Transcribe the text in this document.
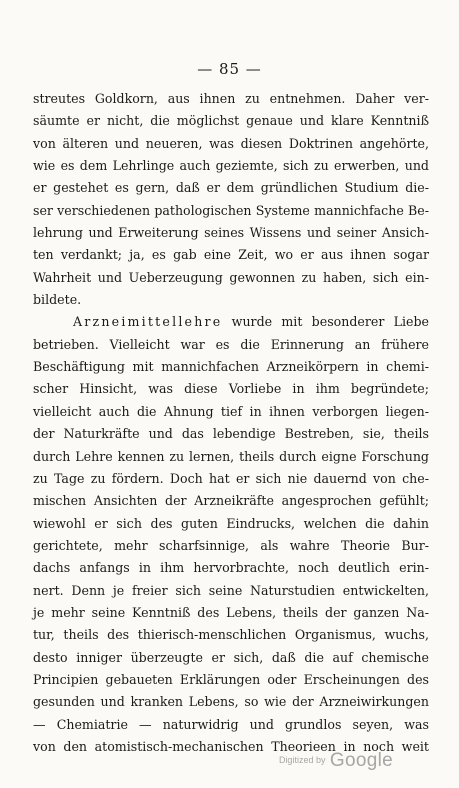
— 85 —
streutes Goldkorn, aus ihnen zu entnehmen. Daher ver-
säumte er nicht, die möglichst genaue und klare Kenntniß
von älteren und neueren, was diesen Doktrinen angehörte,
wie es dem Lehrlinge auch geziemte, sich zu erwerben, und
er gestehet es gern, daß er dem gründlichen Studium die-
ser verschiedenen pathologischen Systeme mannichfache Be-
lehrung und Erweiterung seines Wissens und seiner Ansich-
ten verdankt; ja, es gab eine Zeit, wo er aus ihnen sogar
Wahrheit und Ueberzeugung gewonnen zu haben, sich ein-
bildete.
Arzneimittellehre wurde mit besonderer Liebe
betrieben. Vielleicht war es die Erinnerung an frühere
Beschäftigung mit mannichfachen Arzneikörpern in chemi-
scher Hinsicht, was diese Vorliebe in ihm begründete;
vielleicht auch die Ahnung tief in ihnen verborgen liegen-
der Naturkräfte und das lebendige Bestreben, sie, theils
durch Lehre kennen zu lernen, theils durch eigne Forschung
zu Tage zu fördern. Doch hat er sich nie dauernd von che-
mischen Ansichten der Arzneikräfte angesprochen gefühlt;
wiewohl er sich des guten Eindrucks, welchen die dahin
gerichtete, mehr scharfsinnige, als wahre Theorie Bur-
dachs anfangs in ihm hervorbrachte, noch deutlich erin-
nert. Denn je freier sich seine Naturstudien entwickelten,
je mehr seine Kenntniß des Lebens, theils der ganzen Na-
tur, theils des thierisch-menschlichen Organismus, wuchs,
desto inniger überzeugte er sich, daß die auf chemische
Principien gebaueten Erklärungen oder Erscheinungen des
gesunden und kranken Lebens, so wie der Arzneiwirkungen
— Chemiatrie — naturwidrig und grundlos seyen, was
von den atomistisch-mechanischen Theorieen in noch weit
Digitized by Google
